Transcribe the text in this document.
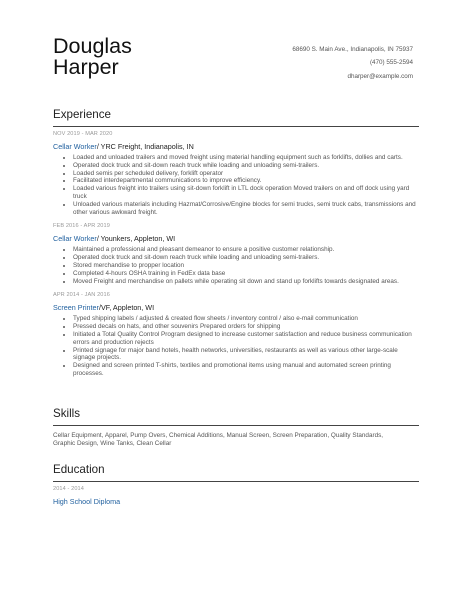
Douglas
Harper
68690 S. Main Ave., Indianapolis, IN 75937
(470) 555-2594
dharper@example.com
Experience
NOV 2019 - MAR 2020
Cellar Worker/ YRC Freight, Indianapolis, IN
• Loaded and unloaded trailers and moved freight using material handling equipment such as forklifts, dollies and carts.
• Operated dock truck and sit-down reach truck while loading and unloading semi-trailers.
• Loaded semis per scheduled delivery, forklift operator
• Facilitated interdepartmental communications to improve efficiency.
• Loaded various freight into trailers using sit-down forklift in LTL dock operation Moved trailers on and off dock using yard truck
• Unloaded various materials including Hazmat/Corrosive/Engine blocks for semi trucks, semi truck cabs, transmissions and other various awkward freight.
FEB 2016 - APR 2019
Cellar Worker/ Younkers, Appleton, WI
• Maintained a professional and pleasant demeanor to ensure a positive customer relationship.
• Operated dock truck and sit-down reach truck while loading and unloading semi-trailers.
• Stored merchandise to propper location
• Completed 4-hours OSHA training in FedEx data base
• Moved Freight and merchandise on pallets while operating sit down and stand up forklifts towards designated areas.
APR 2014 - JAN 2016
Screen Printer/VF, Appleton, WI
• Typed shipping labels / adjusted & created flow sheets / inventory control / also e-mail communication
• Pressed decals on hats, and other souvenirs Prepared orders for shipping
• Initiated a Total Quality Control Program designed to increase customer satisfaction and reduce business communication errors and production rejects
• Printed signage for major band hotels, health networks, universities, restaurants as well as various other large-scale signage projects.
• Designed and screen printed T-shirts, textiles and promotional items using manual and automated screen printing processes.
Skills
Cellar Equipment, Apparel, Pump Overs, Chemical Additions, Manual Screen, Screen Preparation, Quality Standards, Graphic Design, Wine Tanks, Clean Cellar
Education
2014 - 2014
High School Diploma
